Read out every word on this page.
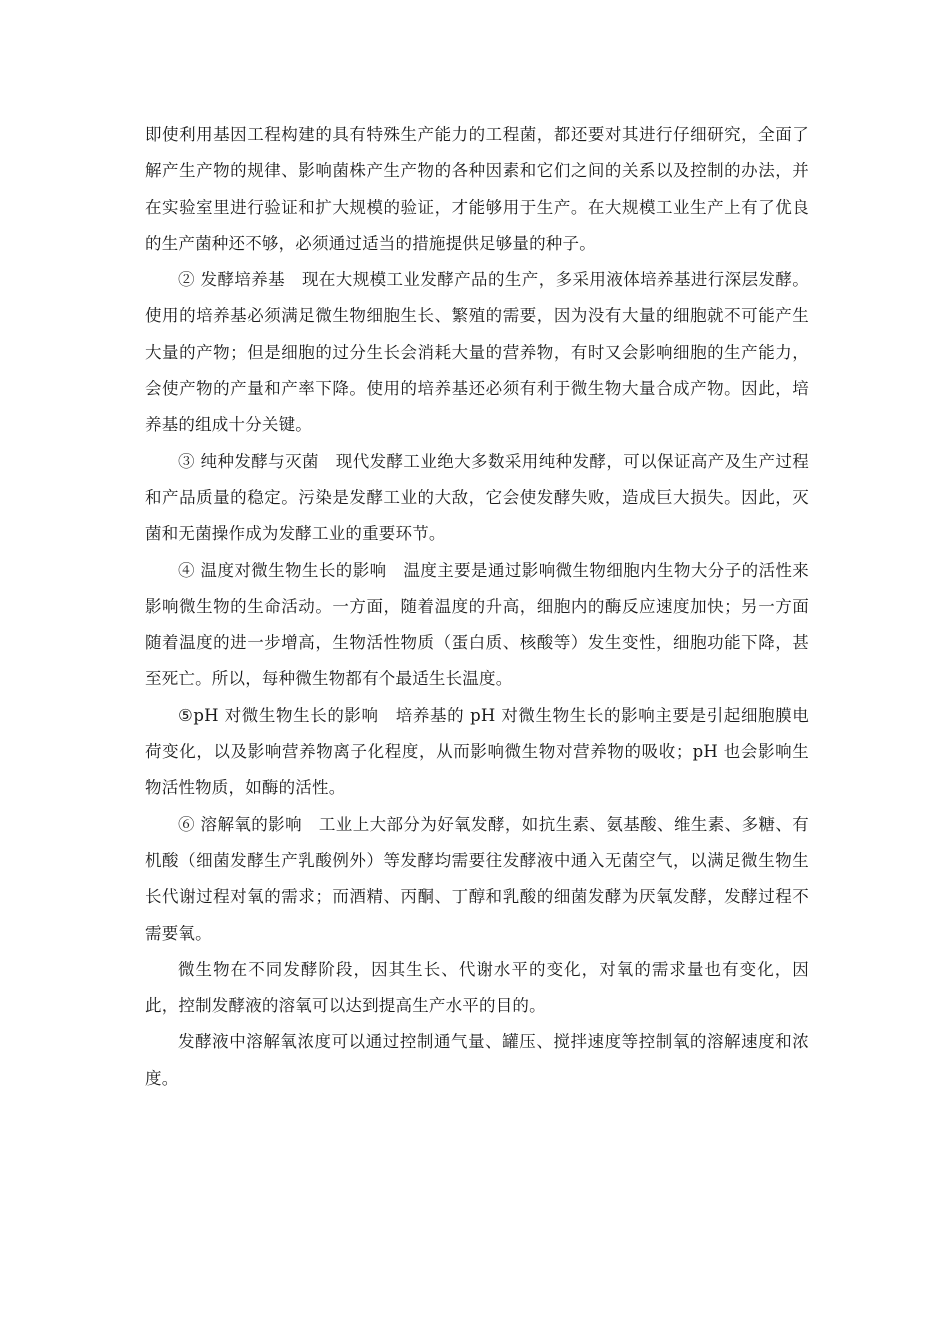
即使利用基因工程构建的具有特殊生产能力的工程菌，都还要对其进行仔细研究，全面了解产生产物的规律、影响菌株产生产物的各种因素和它们之间的关系以及控制的办法，并在实验室里进行验证和扩大规模的验证，才能够用于生产。在大规模工业生产上有了优良的生产菌种还不够，必须通过适当的措施提供足够量的种子。

② 发酵培养基　现在大规模工业发酵产品的生产，多采用液体培养基进行深层发酵。使用的培养基必须满足微生物细胞生长、繁殖的需要，因为没有大量的细胞就不可能产生大量的产物；但是细胞的过分生长会消耗大量的营养物，有时又会影响细胞的生产能力，会使产物的产量和产率下降。使用的培养基还必须有利于微生物大量合成产物。因此，培养基的组成十分关键。

③ 纯种发酵与灭菌　现代发酵工业绝大多数采用纯种发酵，可以保证高产及生产过程和产品质量的稳定。污染是发酵工业的大敌，它会使发酵失败，造成巨大损失。因此，灭菌和无菌操作成为发酵工业的重要环节。

④ 温度对微生物生长的影响　温度主要是通过影响微生物细胞内生物大分子的活性来影响微生物的生命活动。一方面，随着温度的升高，细胞内的酶反应速度加快；另一方面随着温度的进一步增高，生物活性物质（蛋白质、核酸等）发生变性，细胞功能下降，甚至死亡。所以，每种微生物都有个最适生长温度。

⑤pH 对微生物生长的影响　培养基的 pH 对微生物生长的影响主要是引起细胞膜电荷变化，以及影响营养物离子化程度，从而影响微生物对营养物的吸收；pH 也会影响生物活性物质，如酶的活性。

⑥ 溶解氧的影响　工业上大部分为好氧发酵，如抗生素、氨基酸、维生素、多糖、有机酸（细菌发酵生产乳酸例外）等发酵均需要往发酵液中通入无菌空气，以满足微生物生长代谢过程对氧的需求；而酒精、丙酮、丁醇和乳酸的细菌发酵为厌氧发酵，发酵过程不需要氧。

微生物在不同发酵阶段，因其生长、代谢水平的变化，对氧的需求量也有变化，因此，控制发酵液的溶氧可以达到提高生产水平的目的。

发酵液中溶解氧浓度可以通过控制通气量、罐压、搅拌速度等控制氧的溶解速度和浓度。
